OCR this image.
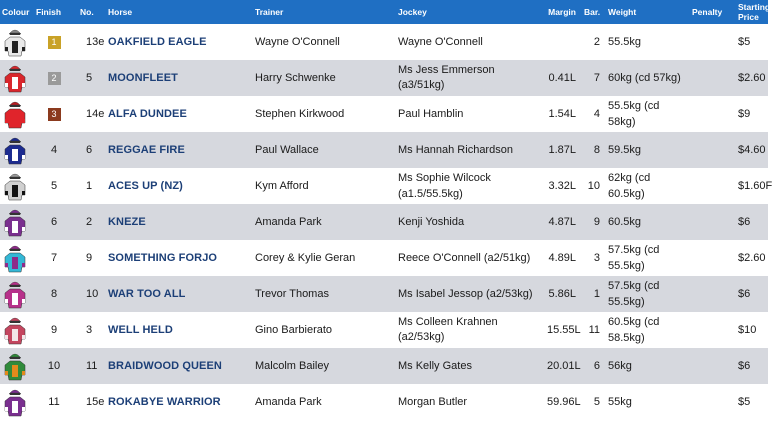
Colour	Finish	No.	Horse	Trainer	Jockey	Margin	Bar.	Weight	Penalty	Starting Price

	1	13e	OAKFIELD EAGLE	Wayne O'Connell	Wayne O'Connell		2	55.5kg		$5

	2	5	MOONFLEET	Harry Schwenke	Ms Jess Emmerson (a3/51kg)	0.41L	7	60kg (cd 57kg)		$2.60

	3	14e	ALFA DUNDEE	Stephen Kirkwood	Paul Hamblin	1.54L	4	55.5kg (cd 58kg)		$9

	4	6	REGGAE FIRE	Paul Wallace	Ms Hannah Richardson	1.87L	8	59.5kg		$4.60

	5	1	ACES UP (NZ)	Kym Afford	Ms Sophie Wilcock (a1.5/55.5kg)	3.32L	10	62kg (cd 60.5kg)		$1.60F

	6	2	KNEZE	Amanda Park	Kenji Yoshida	4.87L	9	60.5kg		$6

	7	9	SOMETHING FORJO	Corey & Kylie Geran	Reece O'Connell (a2/51kg)	4.89L	3	57.5kg (cd 55.5kg)		$2.60

	8	10	WAR TOO ALL	Trevor Thomas	Ms Isabel Jessop (a2/53kg)	5.86L	1	57.5kg (cd 55.5kg)		$6

	9	3	WELL HELD	Gino Barbierato	Ms Colleen Krahnen (a2/53kg)	15.55L	11	60.5kg (cd 58.5kg)		$10

	10	11	BRAIDWOOD QUEEN	Malcolm Bailey	Ms Kelly Gates	20.01L	6	56kg		$6

	11	15e	ROKABYE WARRIOR	Amanda Park	Morgan Butler	59.96L	5	55kg		$5
